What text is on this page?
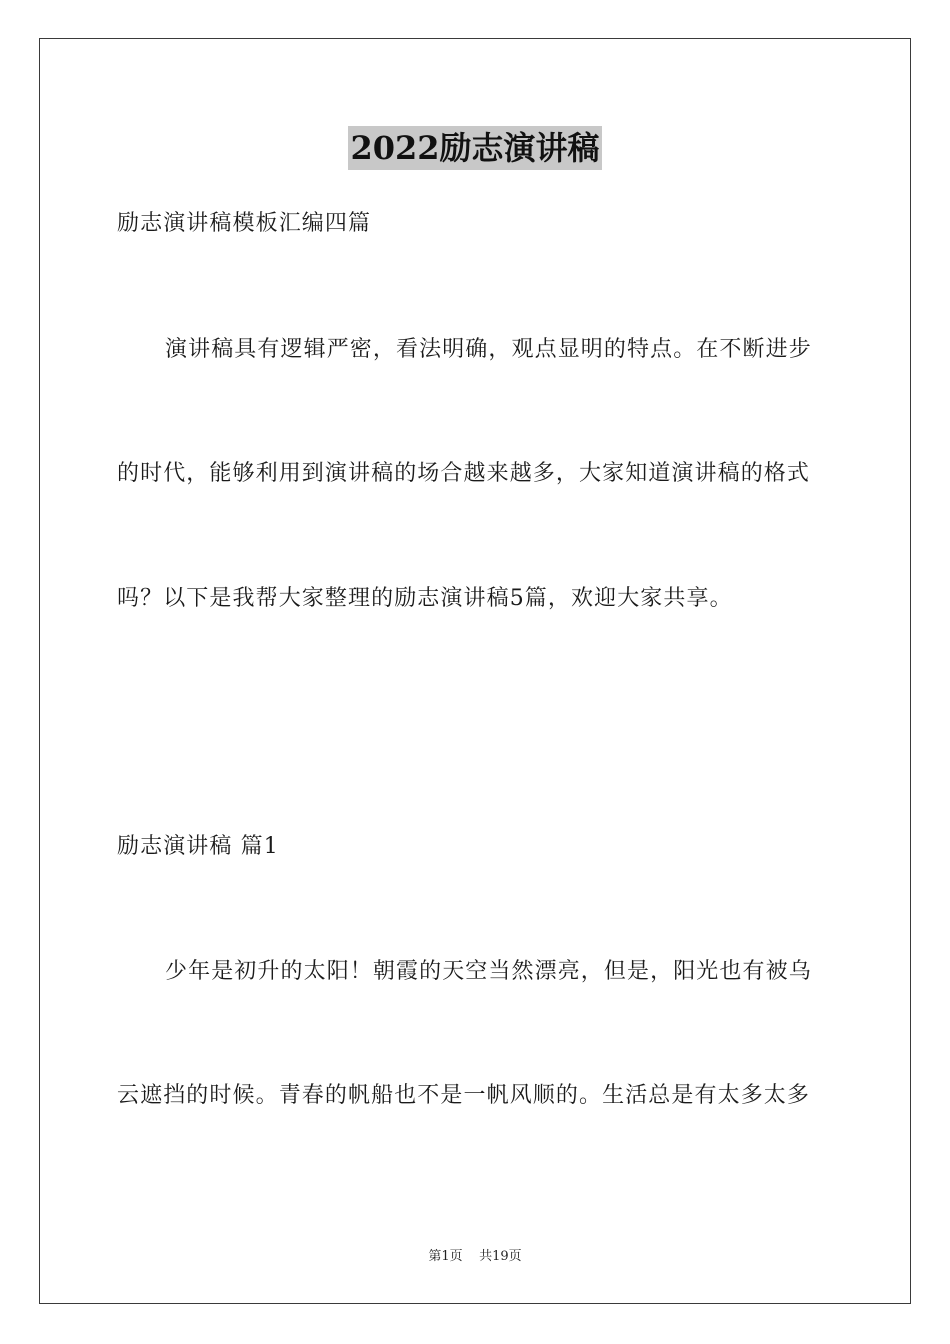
2022励志演讲稿
励志演讲稿模板汇编四篇
演讲稿具有逻辑严密，看法明确，观点显明的特点。在不断进步
的时代，能够利用到演讲稿的场合越来越多，大家知道演讲稿的格式
吗？以下是我帮大家整理的励志演讲稿5篇，欢迎大家共享。
励志演讲稿 篇1
少年是初升的太阳！朝霞的天空当然漂亮，但是，阳光也有被乌
云遮挡的时候。青春的帆船也不是一帆风顺的。生活总是有太多太多
第1页 共19页
